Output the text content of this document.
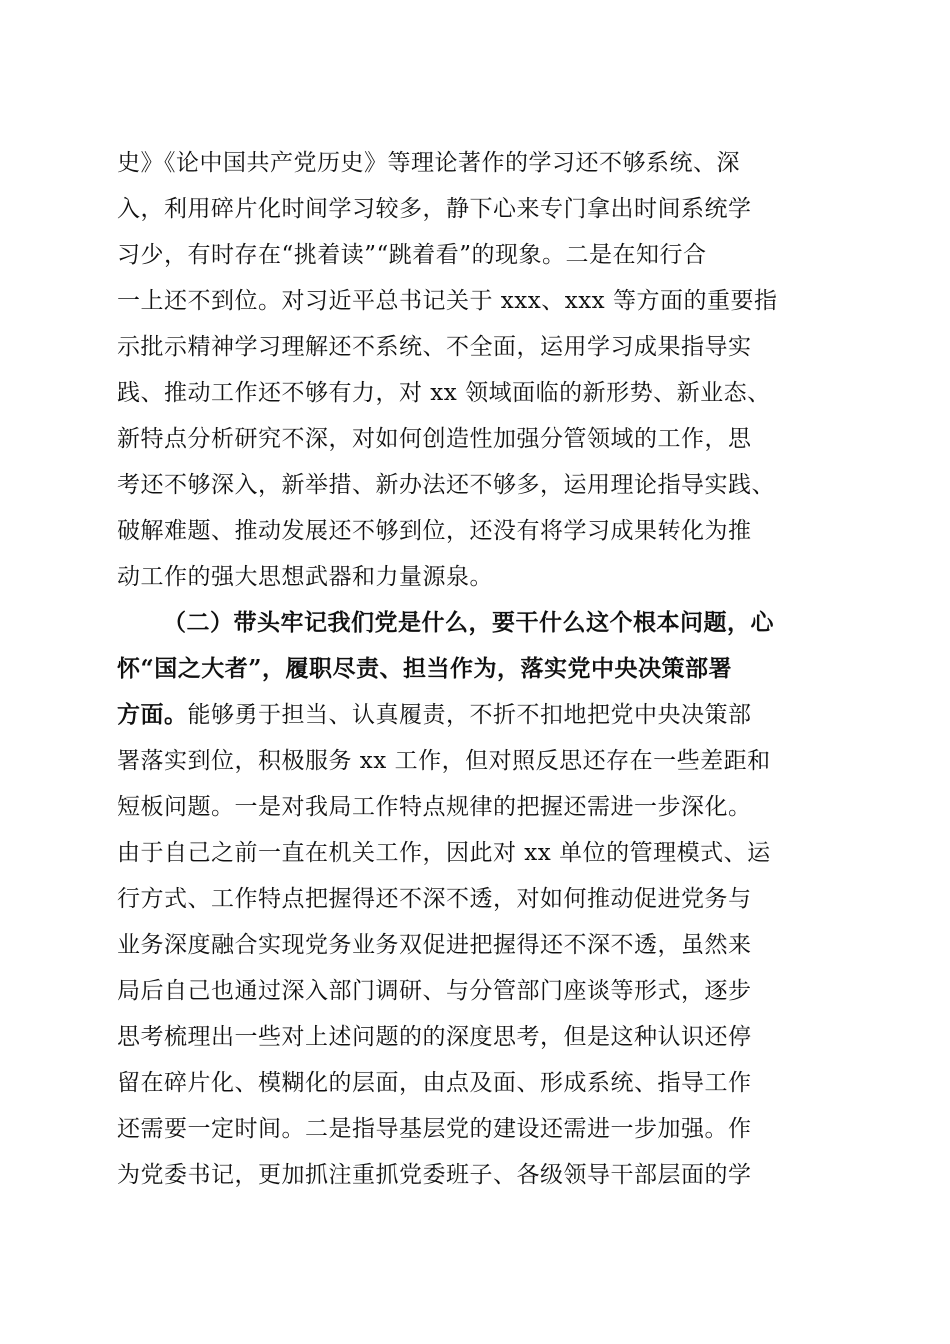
史》《论中国共产党历史》等理论著作的学习还不够系统、深
入，利用碎片化时间学习较多，静下心来专门拿出时间系统学
习少，有时存在“挑着读”“跳着看”的现象。二是在知行合
一上还不到位。对习近平总书记关于 xxx、xxx 等方面的重要指
示批示精神学习理解还不系统、不全面，运用学习成果指导实
践、推动工作还不够有力，对 xx 领域面临的新形势、新业态、
新特点分析研究不深，对如何创造性加强分管领域的工作，思
考还不够深入，新举措、新办法还不够多，运用理论指导实践、
破解难题、推动发展还不够到位，还没有将学习成果转化为推
动工作的强大思想武器和力量源泉。
（二）带头牢记我们党是什么，要干什么这个根本问题，心
怀“国之大者”，履职尽责、担当作为，落实党中央决策部署
方面。能够勇于担当、认真履责，不折不扣地把党中央决策部
署落实到位，积极服务 xx 工作，但对照反思还存在一些差距和
短板问题。一是对我局工作特点规律的把握还需进一步深化。
由于自己之前一直在机关工作，因此对 xx 单位的管理模式、运
行方式、工作特点把握得还不深不透，对如何推动促进党务与
业务深度融合实现党务业务双促进把握得还不深不透，虽然来
局后自己也通过深入部门调研、与分管部门座谈等形式，逐步
思考梳理出一些对上述问题的的深度思考，但是这种认识还停
留在碎片化、模糊化的层面，由点及面、形成系统、指导工作
还需要一定时间。二是指导基层党的建设还需进一步加强。作
为党委书记，更加抓注重抓党委班子、各级领导干部层面的学
